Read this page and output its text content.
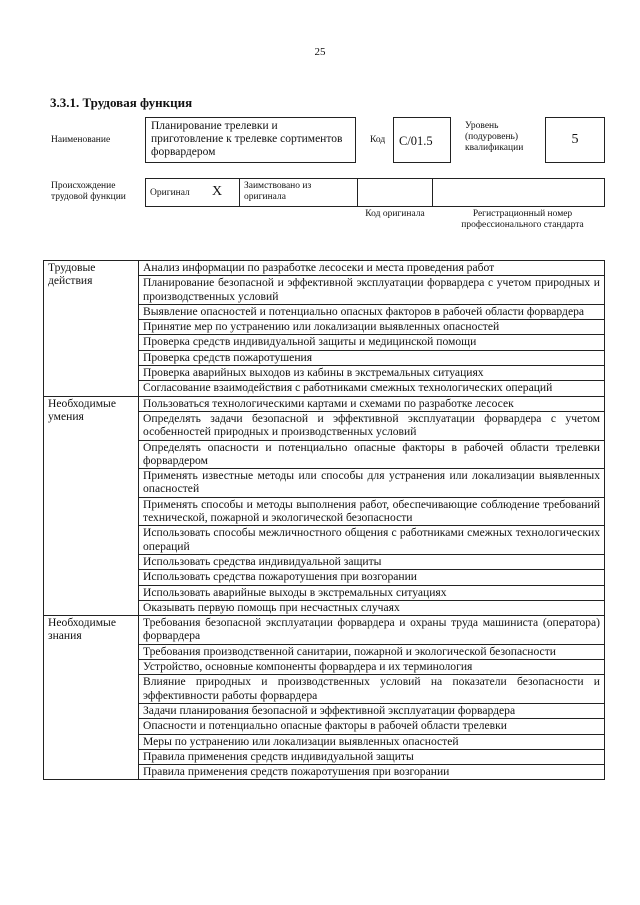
25
3.3.1. Трудовая функция
Наименование
Планирование трелевки и приготовление к трелевке сортиментов форвардером
Код	С/01.5
Уровень (подуровень) квалификации
5
Происхождение трудовой функции	Оригинал X Заимствовано из оригинала
Код оригинала	Регистрационный номер профессионального стандарта
Трудовые действия	Анализ информации по разработке лесосеки и места проведения работ
	Планирование безопасной и эффективной эксплуатации форвардера с учетом природных и производственных условий
	Выявление опасностей и потенциально опасных факторов в рабочей области форвардера
	Принятие мер по устранению или локализации выявленных опасностей
	Проверка средств индивидуальной защиты и медицинской помощи
	Проверка средств пожаротушения
	Проверка аварийных выходов из кабины в экстремальных ситуациях
	Согласование взаимодействия с работниками смежных технологических операций
Необходимые умения	Пользоваться технологическими картами и схемами по разработке лесосек
	Определять задачи безопасной и эффективной эксплуатации форвардера с учетом особенностей природных и производственных условий
	Определять опасности и потенциально опасные факторы в рабочей области трелевки форвардером
	Применять известные методы или способы для устранения или локализации выявленных опасностей
	Применять способы и методы выполнения работ, обеспечивающие соблюдение требований технической, пожарной и экологической безопасности
	Использовать способы межличностного общения с работниками смежных технологических операций
	Использовать средства индивидуальной защиты
	Использовать средства пожаротушения при возгорании
	Использовать аварийные выходы в экстремальных ситуациях
	Оказывать первую помощь при несчастных случаях
Необходимые знания	Требования безопасной эксплуатации форвардера и охраны труда машиниста (оператора) форвардера
	Требования производственной санитарии, пожарной и экологической безопасности
	Устройство, основные компоненты форвардера и их терминология
	Влияние природных и производственных условий на показатели безопасности и эффективности работы форвардера
	Задачи планирования безопасной и эффективной эксплуатации форвардера
	Опасности и потенциально опасные факторы в рабочей области трелевки
	Меры по устранению или локализации выявленных опасностей
	Правила применения средств индивидуальной защиты
	Правила применения средств пожаротушения при возгорании
